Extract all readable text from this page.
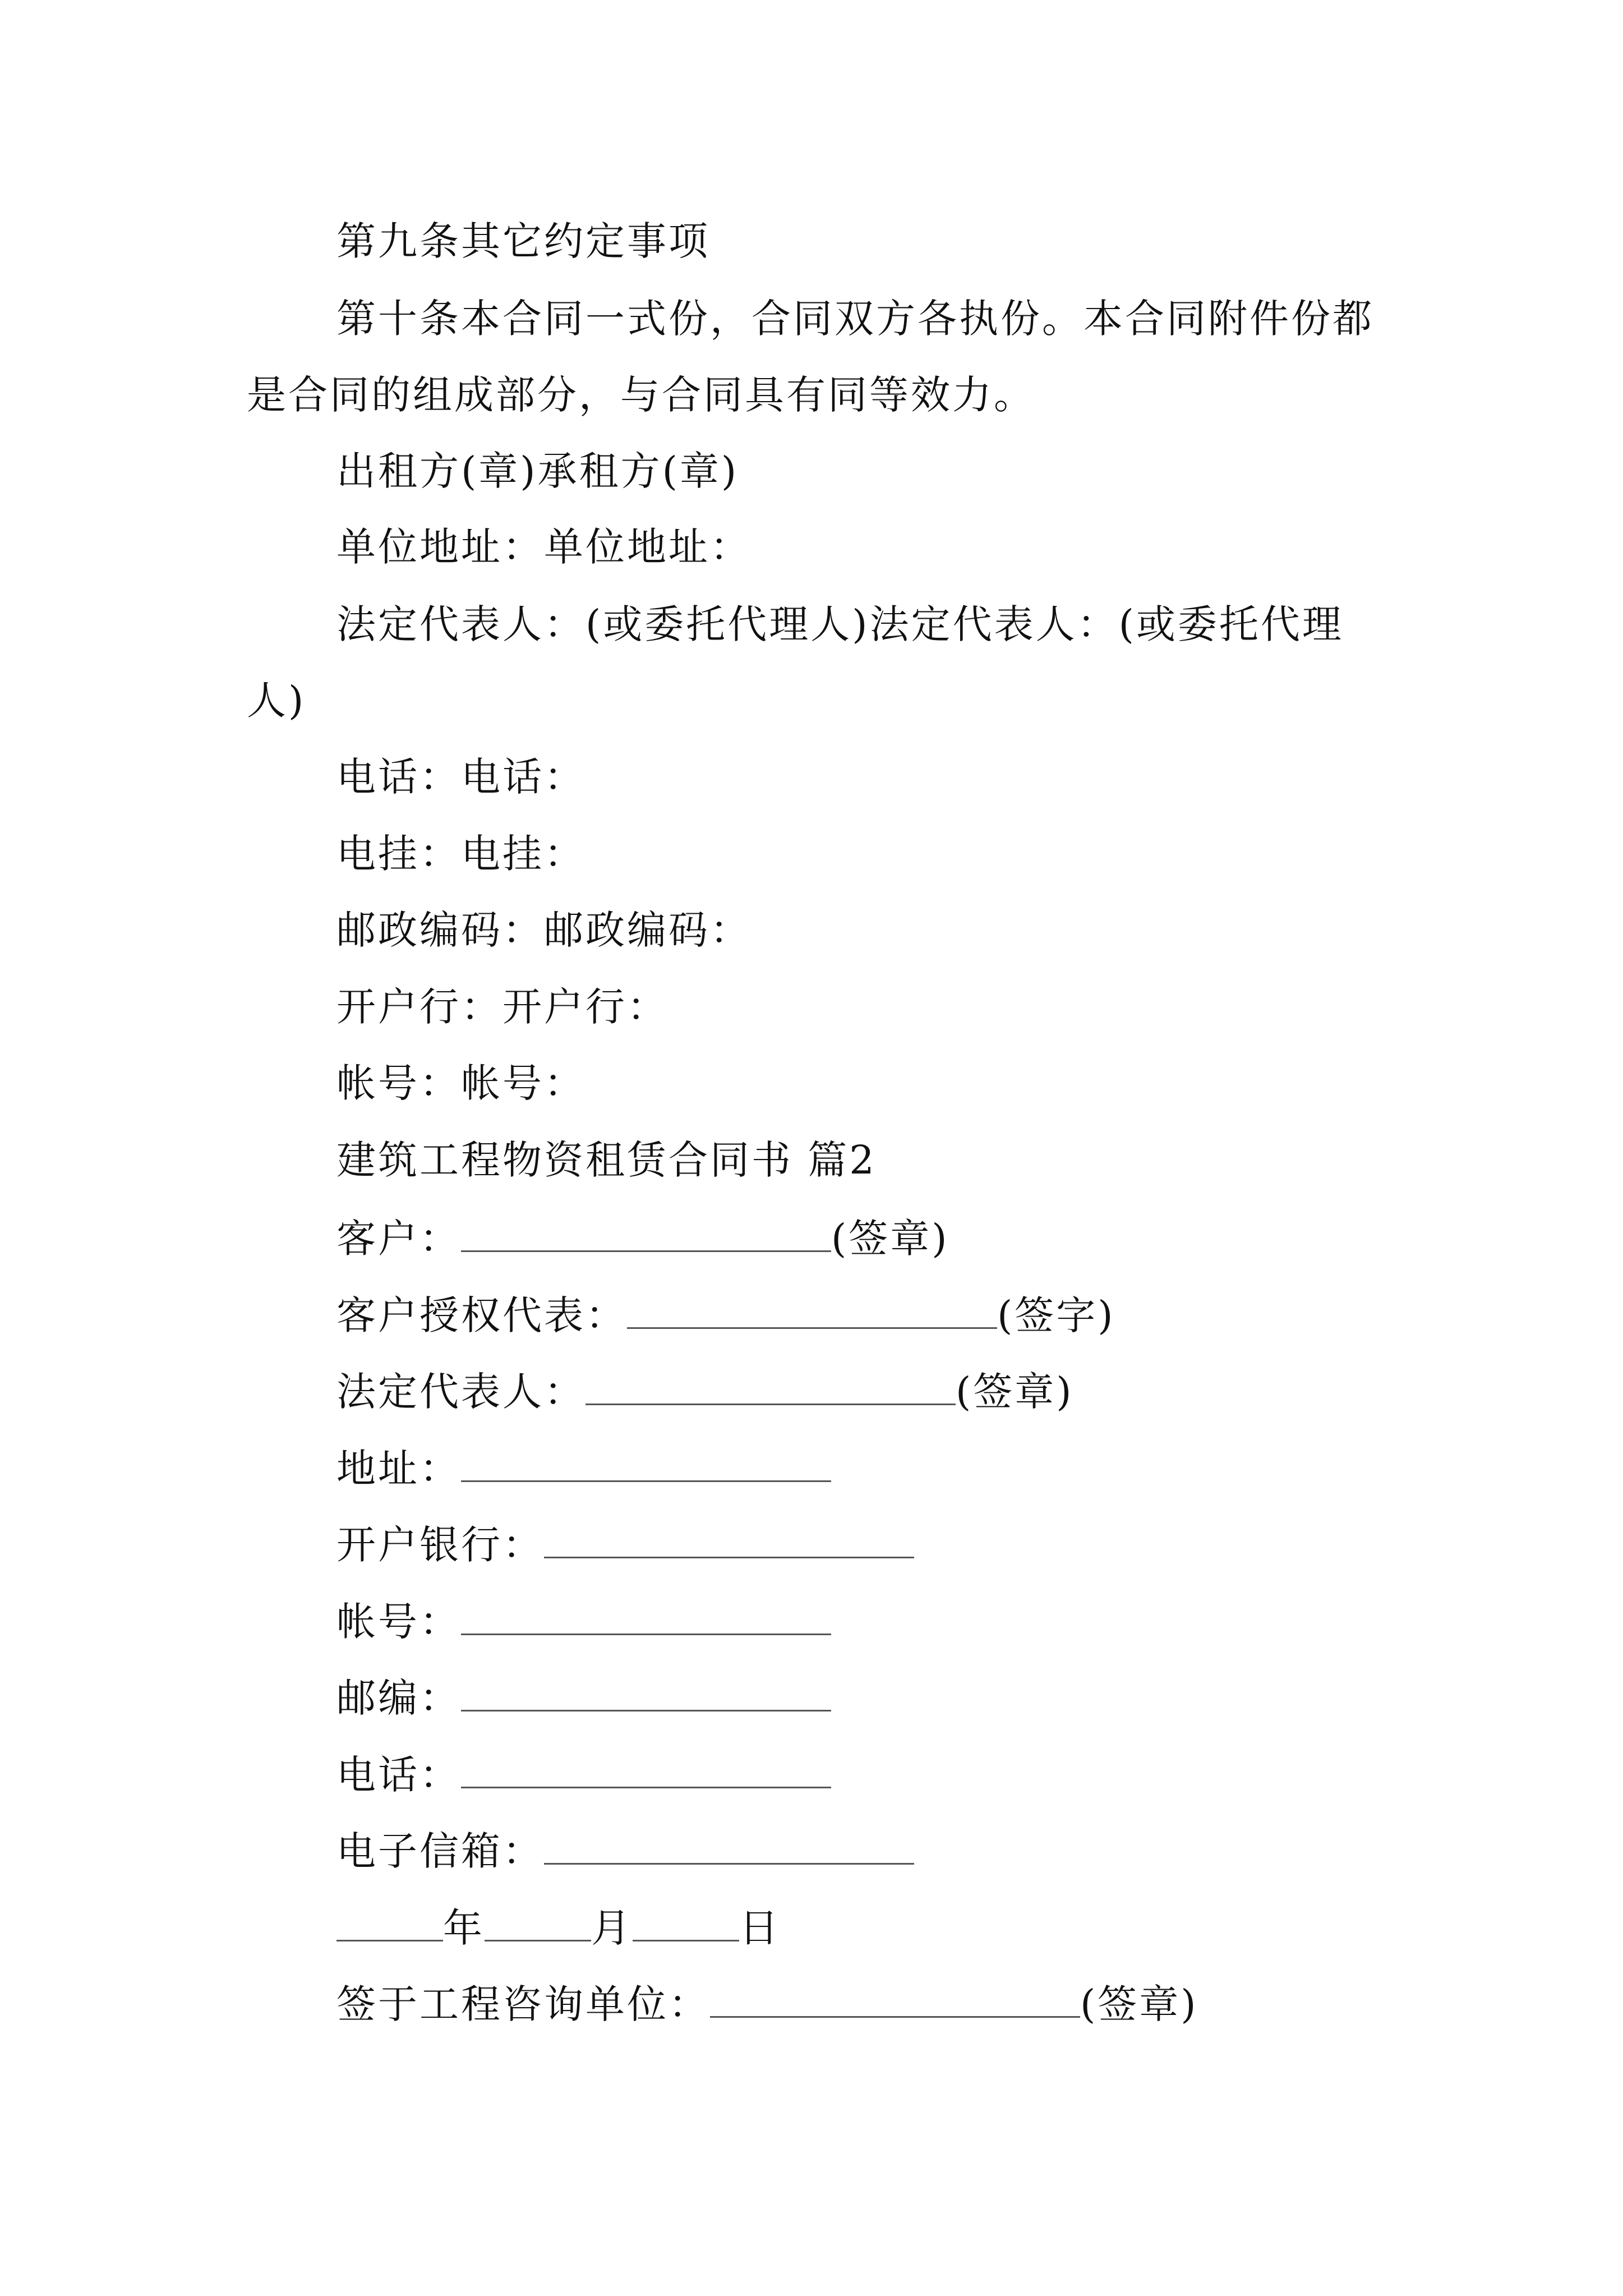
第九条其它约定事项
第十条本合同一式份，合同双方各执份。本合同附件份都是合同的组成部分，与合同具有同等效力。
出租方(章)承租方(章)
单位地址：单位地址：
法定代表人：(或委托代理人)法定代表人：(或委托代理人)
电话：电话：
电挂：电挂：
邮政编码：邮政编码：
开户行：开户行：
帐号：帐号：
建筑工程物资租赁合同书 篇2
客户：	(签章)
客户授权代表：	(签字)
法定代表人：	(签章)
地址：
开户银行：
帐号：
邮编：
电话：
电子信箱：
年	月	日
签于工程咨询单位：	(签章)
